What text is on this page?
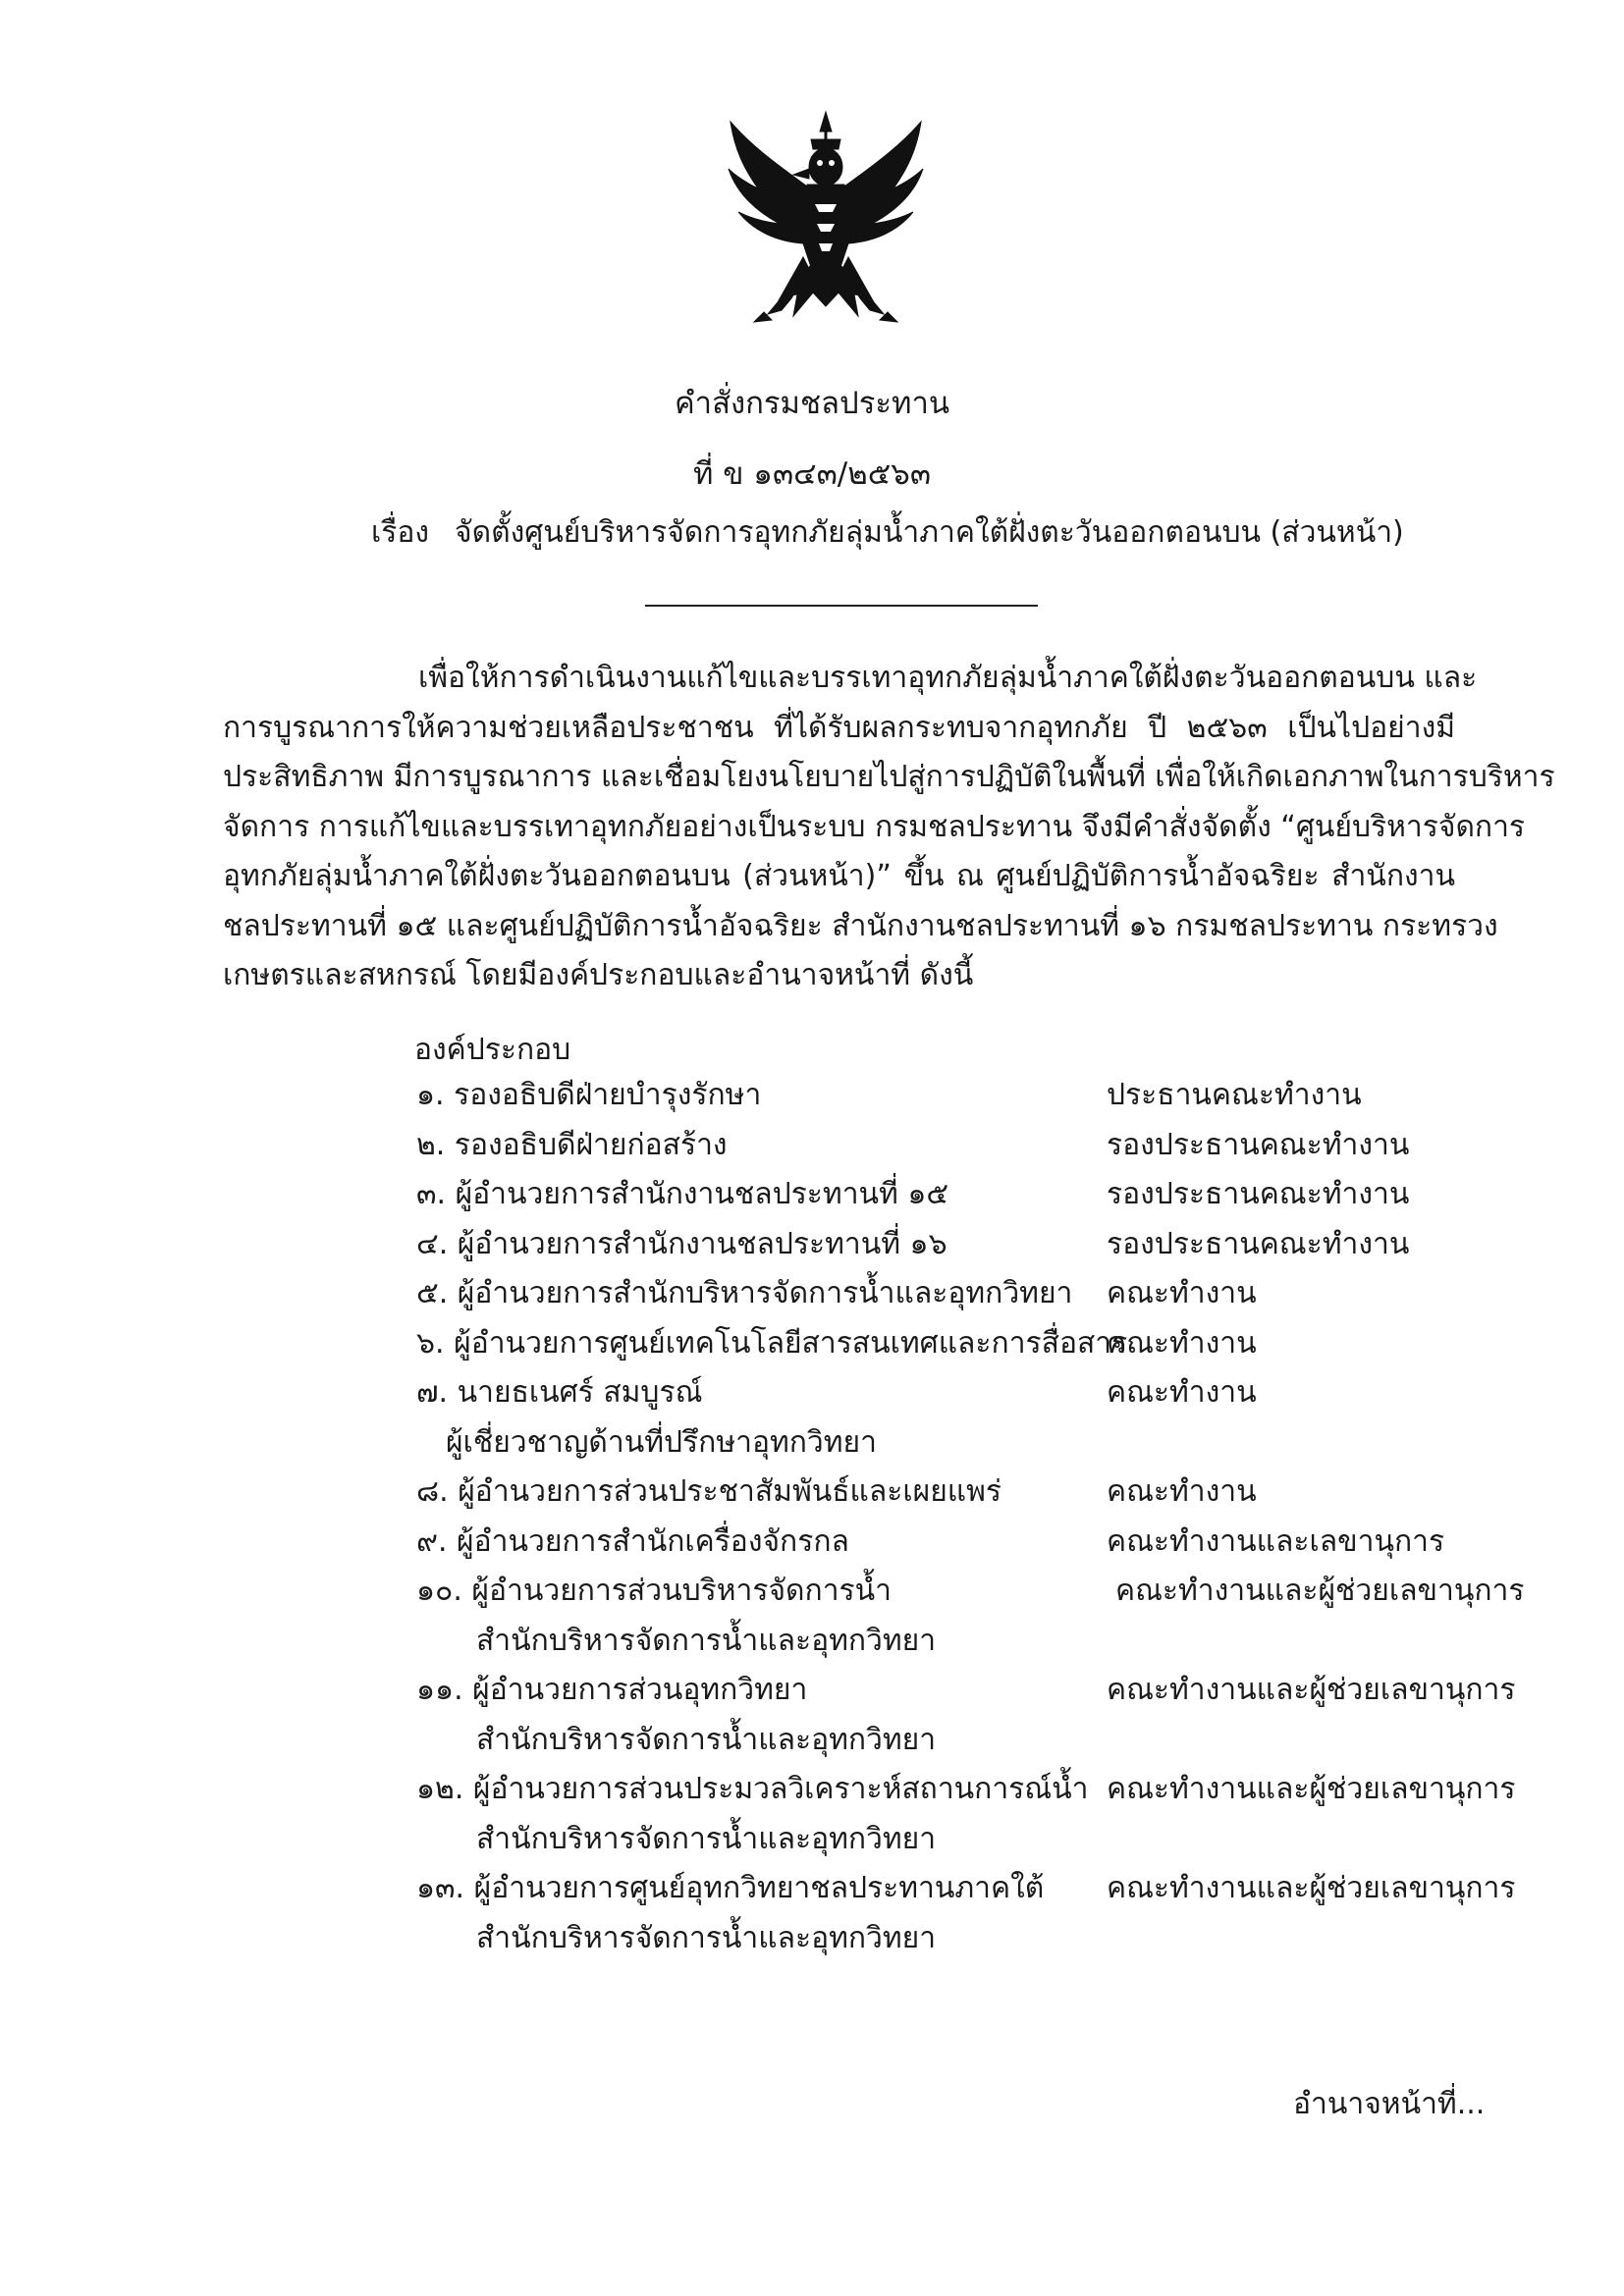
คำสั่งกรมชลประทาน
ที่ ข ๑๓๔๓/๒๕๖๓
เรื่อง จัดตั้งศูนย์บริหารจัดการอุทกภัยลุ่มน้ำภาคใต้ฝั่งตะวันออกตอนบน (ส่วนหน้า)

เพื่อให้การดำเนินงานแก้ไขและบรรเทาอุทกภัยลุ่มน้ำภาคใต้ฝั่งตะวันออกตอนบน และ
การบูรณาการให้ความช่วยเหลือประชาชน ที่ได้รับผลกระทบจากอุทกภัย ปี ๒๕๖๓ เป็นไปอย่างมี
ประสิทธิภาพ มีการบูรณาการ และเชื่อมโยงนโยบายไปสู่การปฏิบัติในพื้นที่ เพื่อให้เกิดเอกภาพในการบริหาร
จัดการ การแก้ไขและบรรเทาอุทกภัยอย่างเป็นระบบ กรมชลประทาน จึงมีคำสั่งจัดตั้ง “ศูนย์บริหารจัดการ
อุทกภัยลุ่มน้ำภาคใต้ฝั่งตะวันออกตอนบน (ส่วนหน้า)” ขึ้น ณ ศูนย์ปฏิบัติการน้ำอัจฉริยะ สำนักงาน
ชลประทานที่ ๑๕ และศูนย์ปฏิบัติการน้ำอัจฉริยะ สำนักงานชลประทานที่ ๑๖ กรมชลประทาน กระทรวง
เกษตรและสหกรณ์ โดยมีองค์ประกอบและอำนาจหน้าที่ ดังนี้

องค์ประกอบ
๑. รองอธิบดีฝ่ายบำรุงรักษา	ประธานคณะทำงาน
๒. รองอธิบดีฝ่ายก่อสร้าง	รองประธานคณะทำงาน
๓. ผู้อำนวยการสำนักงานชลประทานที่ ๑๕	รองประธานคณะทำงาน
๔. ผู้อำนวยการสำนักงานชลประทานที่ ๑๖	รองประธานคณะทำงาน
๕. ผู้อำนวยการสำนักบริหารจัดการน้ำและอุทกวิทยา คณะทำงาน
๖. ผู้อำนวยการศูนย์เทคโนโลยีสารสนเทศและการสื่อสาร
คณะทำงาน
๗. นายธเนศร์ สมบูรณ์	คณะทำงาน
ผู้เชี่ยวชาญด้านที่ปรึกษาอุทกวิทยา
๘. ผู้อำนวยการส่วนประชาสัมพันธ์และเผยแพร่	คณะทำงาน
๙. ผู้อำนวยการสำนักเครื่องจักรกล	คณะทำงานและเลขานุการ
๑๐. ผู้อำนวยการส่วนบริหารจัดการน้ำ	คณะทำงานและผู้ช่วยเลขานุการ
สำนักบริหารจัดการน้ำและอุทกวิทยา
๑๑. ผู้อำนวยการส่วนอุทกวิทยา	คณะทำงานและผู้ช่วยเลขานุการ
สำนักบริหารจัดการน้ำและอุทกวิทยา
๑๒. ผู้อำนวยการส่วนประมวลวิเคราะห์สถานการณ์น้ำ คณะทำงานและผู้ช่วยเลขานุการ
สำนักบริหารจัดการน้ำและอุทกวิทยา
๑๓. ผู้อำนวยการศูนย์อุทกวิทยาชลประทานภาคใต้ คณะทำงานและผู้ช่วยเลขานุการ
สำนักบริหารจัดการน้ำและอุทกวิทยา
อำนาจหน้าที่...
